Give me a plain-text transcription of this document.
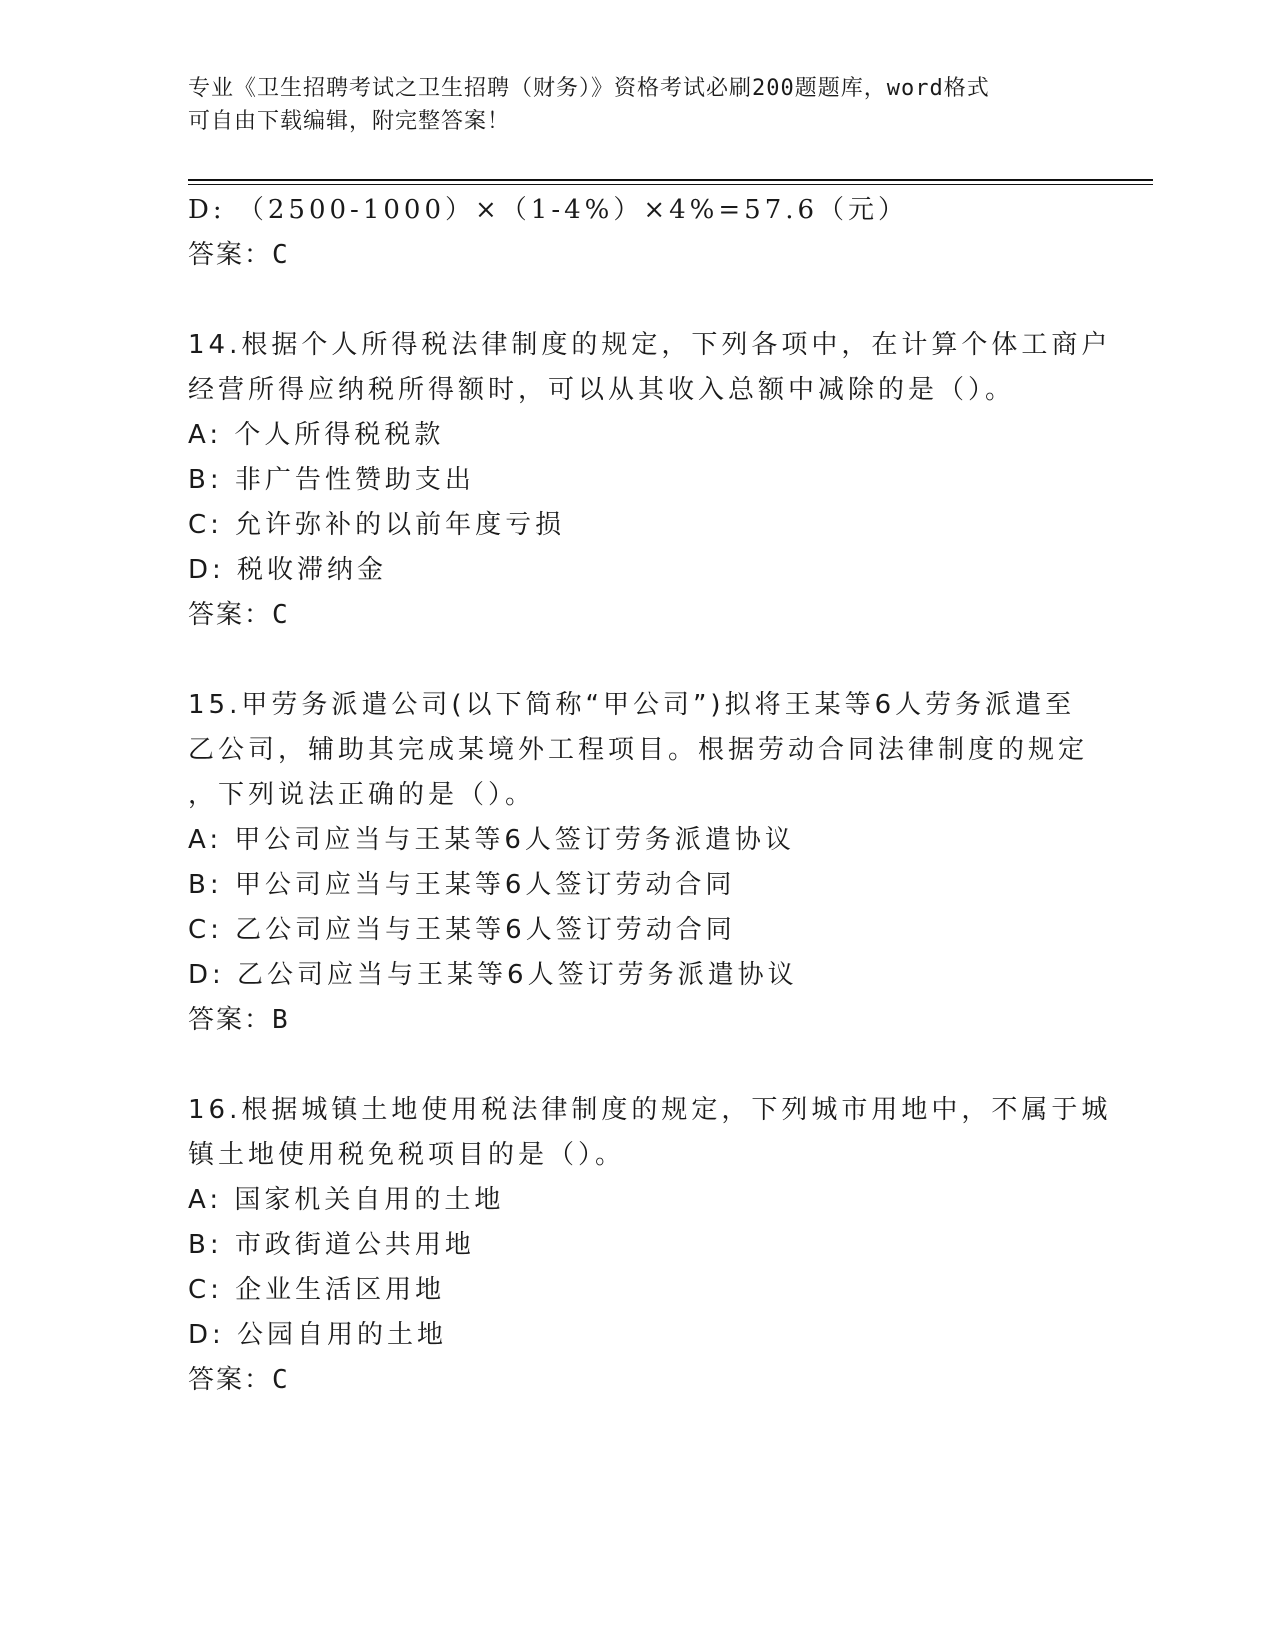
专业《卫生招聘考试之卫生招聘（财务）》资格考试必刷200题题库，word格式
可自由下载编辑，附完整答案！
D: （2500-1000）×（1-4%）×4%=57.6（元）
答案：C
14.根据个人所得税法律制度的规定，下列各项中，在计算个体工商户
经营所得应纳税所得额时，可以从其收入总额中减除的是（）。
A: 个人所得税税款
B: 非广告性赞助支出
C: 允许弥补的以前年度亏损
D: 税收滞纳金
答案：C
15.甲劳务派遣公司(以下简称“甲公司”)拟将王某等6人劳务派遣至
乙公司，辅助其完成某境外工程项目。根据劳动合同法律制度的规定
，下列说法正确的是（）。
A: 甲公司应当与王某等6人签订劳务派遣协议
B: 甲公司应当与王某等6人签订劳动合同
C: 乙公司应当与王某等6人签订劳动合同
D: 乙公司应当与王某等6人签订劳务派遣协议
答案：B
16.根据城镇土地使用税法律制度的规定，下列城市用地中，不属于城
镇土地使用税免税项目的是（）。
A: 国家机关自用的土地
B: 市政街道公共用地
C: 企业生活区用地
D: 公园自用的土地
答案：C
